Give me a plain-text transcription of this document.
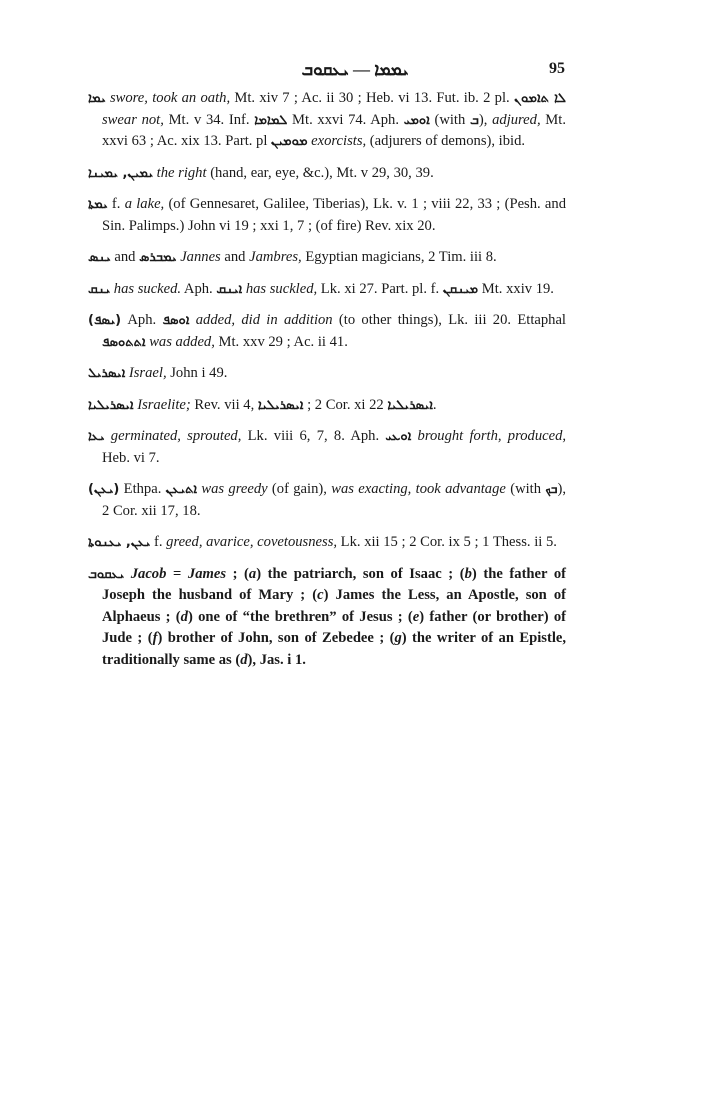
ܝܡܡܐ — ܝܥܩܘܒ	95

ܝܡܐ swore, took an oath, Mt. xiv 7 ; Ac. ii 30 ; Heb. vi 13. Fut. ib. 2 pl. ܠܐ ܬܐܡܘܢ swear not, Mt. v 34. Inf. ܠܡܐܡܐ Mt. xxvi 74. Aph. ܐܘܡܝ (with ܒ), adjured, Mt. xxvi 63 ; Ac. xix 13. Part. pl ܡܘܡܝܢ exorcists, (adjurers of demons), ibid.

ܝܡܝܢ, ܝܡܝܢܐ the right (hand, ear, eye, &c.), Mt. v 29, 30, 39.

ܝܡܬܐ f. a lake, (of Gennesaret, Galilee, Tiberias), Lk. v. 1 ; viii 22, 33 ; (Pesh. and Sin. Palimps.) John vi 19 ; xxi 1, 7 ; (of fire) Rev. xix 20.

ܝܢܣ and ܝܡܒܪܣ Jannes and Jambres, Egyptian magicians, 2 Tim. iii 8.

ܝܢܩ has sucked. Aph. ܐܝܢܩ has suckled, Lk. xi 27. Part. pl. f. ܡܝܢܩܢ Mt. xxiv 19.

(ܝܣܦ) Aph. ܐܘܣܦ added, did in addition (to other things), Lk. iii 20. Ettaphal ܐܬܬܘܣܦ was added, Mt. xxv 29 ; Ac. ii 41.

ܐܝܣܪܝܠ Israel, John i 49.

ܐܝܣܪܝܠܝܐ Israelite; Rev. vii 4, ܐܝܣܪܝܠܝܐ ; 2 Cor. xi 22 ܐܝܣܪܝܠܝܐ.

ܝܥܐ germinated, sprouted, Lk. viii 6, 7, 8. Aph. ܐܘܥܝ brought forth, produced, Heb. vi 7.

(ܝܥܢ) Ethpa. ܐܬܝܥܢ was greedy (of gain), was exacting, took advantage (with ܒܟ), 2 Cor. xii 17, 18.

ܝܥܢ, ܝܥܢܘܬܐ f. greed, avarice, covetousness, Lk. xii 15 ; 2 Cor. ix 5 ; 1 Thess. ii 5.

ܝܥܩܘܒ Jacob = James ; (a) the patriarch, son of Isaac ; (b) the father of Joseph the husband of Mary ; (c) James the Less, an Apostle, son of Alphaeus ; (d) one of “the brethren” of Jesus ; (e) father (or brother) of Jude ; (f) brother of John, son of Zebedee ; (g) the writer of an Epistle, traditionally same as (d), Jas. i 1.
